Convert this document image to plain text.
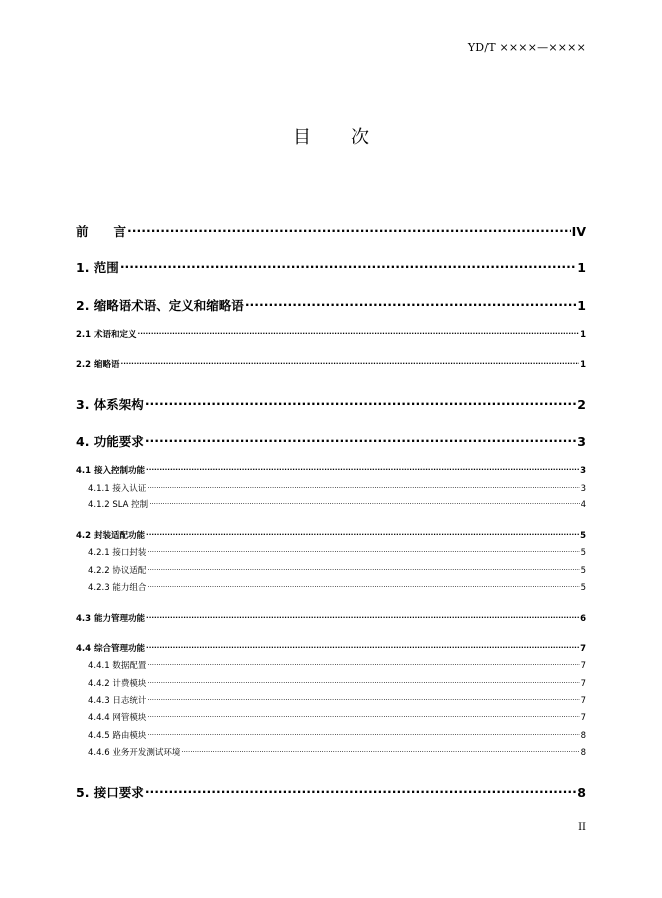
YD/T ××××—××××
目 次
前　　言 .....	IV
1. 范围 .....	1
2. 缩略语术语、定义和缩略语 .....	1
2.1 术语和定义 .....	1
2.2 缩略语 .....	1
3. 体系架构 .....	2
4. 功能要求 .....	3
4.1 接入控制功能 .....	3
4.1.1 接入认证 .....	3
4.1.2 SLA 控制 .....	4
4.2 封装适配功能 .....	5
4.2.1 接口封装 .....	5
4.2.2 协议适配 .....	5
4.2.3 能力组合 .....	5
4.3 能力管理功能 .....	6
4.4 综合管理功能 .....	7
4.4.1 数据配置 .....	7
4.4.2 计费模块 .....	7
4.4.3 日志统计 .....	7
4.4.4 网管模块 .....	7
4.4.5 路由模块 .....	8
4.4.6 业务开发测试环境 .....	8
5. 接口要求 .....	8
II
